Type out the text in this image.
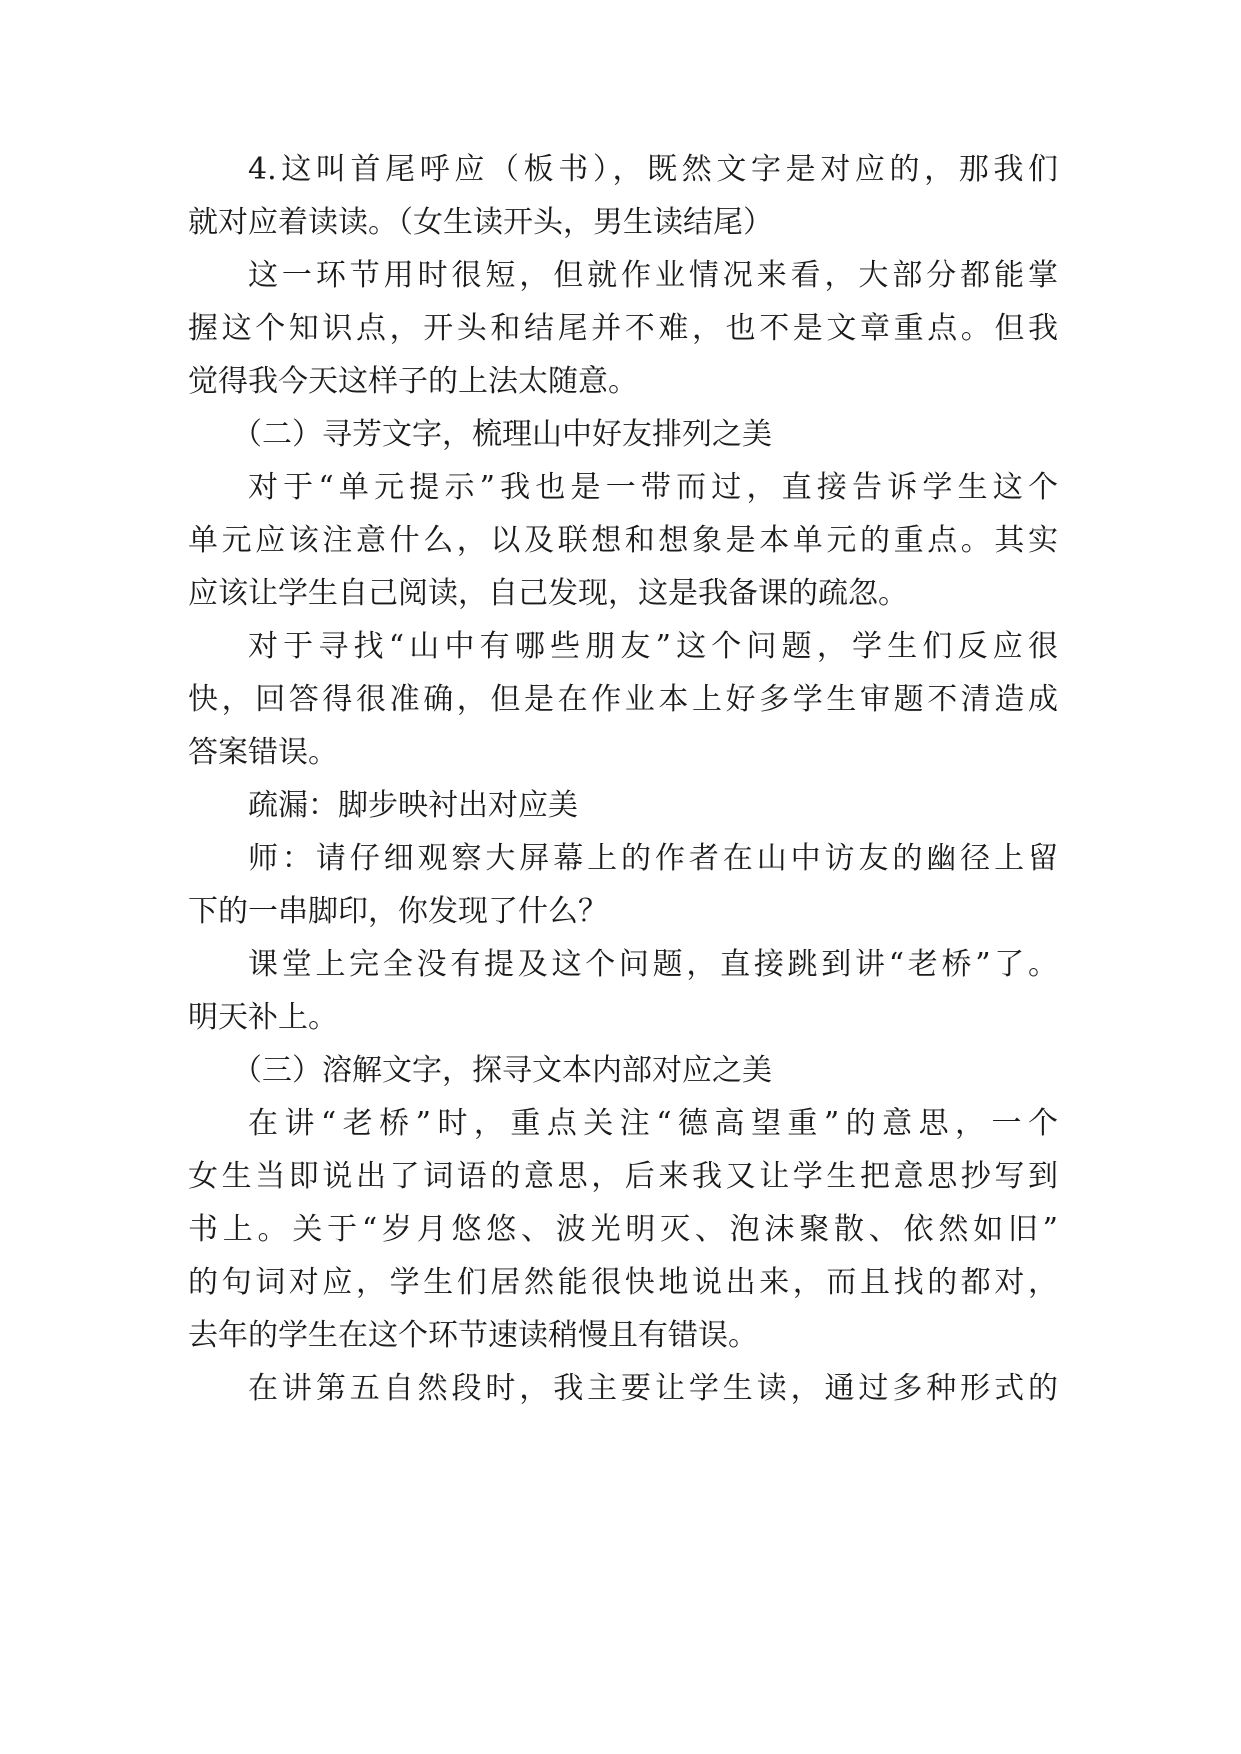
4.这叫首尾呼应（板书），既然文字是对应的，那我们
就对应着读读。（女生读开头，男生读结尾）
这一环节用时很短，但就作业情况来看，大部分都能掌
握这个知识点，开头和结尾并不难，也不是文章重点。但我
觉得我今天这样子的上法太随意。
（二）寻芳文字，梳理山中好友排列之美
对于“单元提示”我也是一带而过，直接告诉学生这个
单元应该注意什么，以及联想和想象是本单元的重点。其实
应该让学生自己阅读，自己发现，这是我备课的疏忽。
对于寻找“山中有哪些朋友”这个问题，学生们反应很
快，回答得很准确，但是在作业本上好多学生审题不清造成
答案错误。
疏漏：脚步映衬出对应美
师：请仔细观察大屏幕上的作者在山中访友的幽径上留
下的一串脚印，你发现了什么？
课堂上完全没有提及这个问题，直接跳到讲“老桥”了。
明天补上。
（三）溶解文字，探寻文本内部对应之美
在讲“老桥”时，重点关注“德高望重”的意思，一个
女生当即说出了词语的意思，后来我又让学生把意思抄写到
书上。关于“岁月悠悠、波光明灭、泡沫聚散、依然如旧”
的句词对应，学生们居然能很快地说出来，而且找的都对，
去年的学生在这个环节速读稍慢且有错误。
在讲第五自然段时，我主要让学生读，通过多种形式的
